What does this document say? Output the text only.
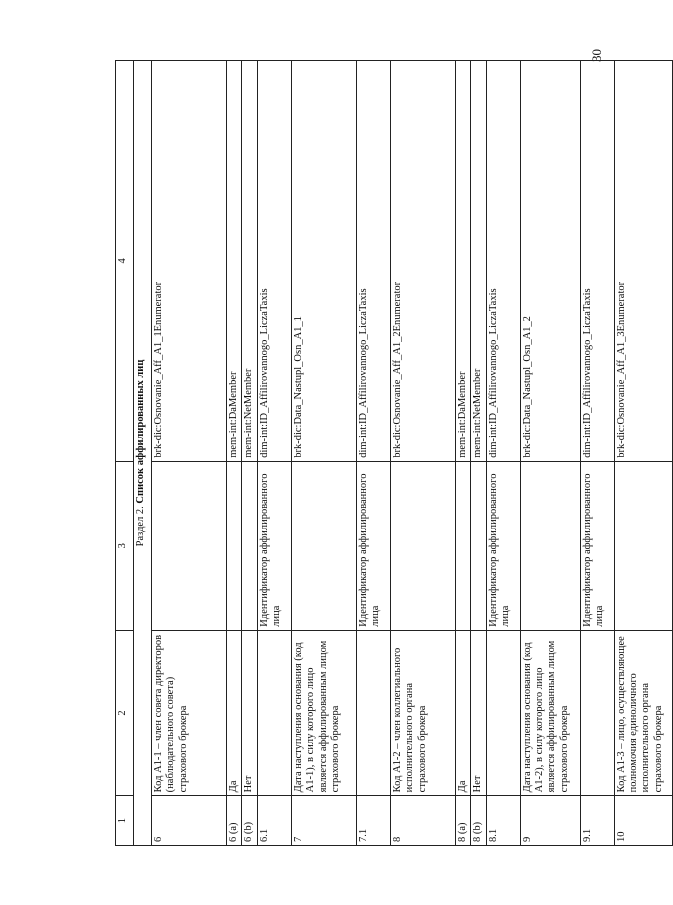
30
1	2	3	4
Раздел 2. Список аффилированных лиц			
6	Код А1-1 – член совета директоров (наблюдательного совета) страхового брокера		brk-dic:Osnovanie_Aff_A1_1Enumerator
6 (a)	Да		mem-int:DaMember
6 (b)	Нет		mem-int:NetMember
6.1		Идентификатор аффилированного лица	dim-int:ID_Affilirovannogo_LiczaTaxis
7	Дата наступления основания (код А1-1), в силу которого лицо является аффилированным лицом страхового брокера		brk-dic:Data_Nastupl_Osn_A1_1
7.1		Идентификатор аффилированного лица	dim-int:ID_Affilirovannogo_LiczaTaxis
8	Код А1-2 – член коллегиального исполнительного органа страхового брокера		brk-dic:Osnovanie_Aff_A1_2Enumerator
8 (a)	Да		mem-int:DaMember
8 (b)	Нет		mem-int:NetMember
8.1		Идентификатор аффилированного лица	dim-int:ID_Affilirovannogo_LiczaTaxis
9	Дата наступления основания (код А1-2), в силу которого лицо является аффилированным лицом страхового брокера		brk-dic:Data_Nastupl_Osn_A1_2
9.1		Идентификатор аффилированного лица	dim-int:ID_Affilirovannogo_LiczaTaxis
10	Код А1-3 – лицо, осуществляющее полномочия единоличного исполнительного органа страхового брокера		brk-dic:Osnovanie_Aff_A1_3Enumerator
